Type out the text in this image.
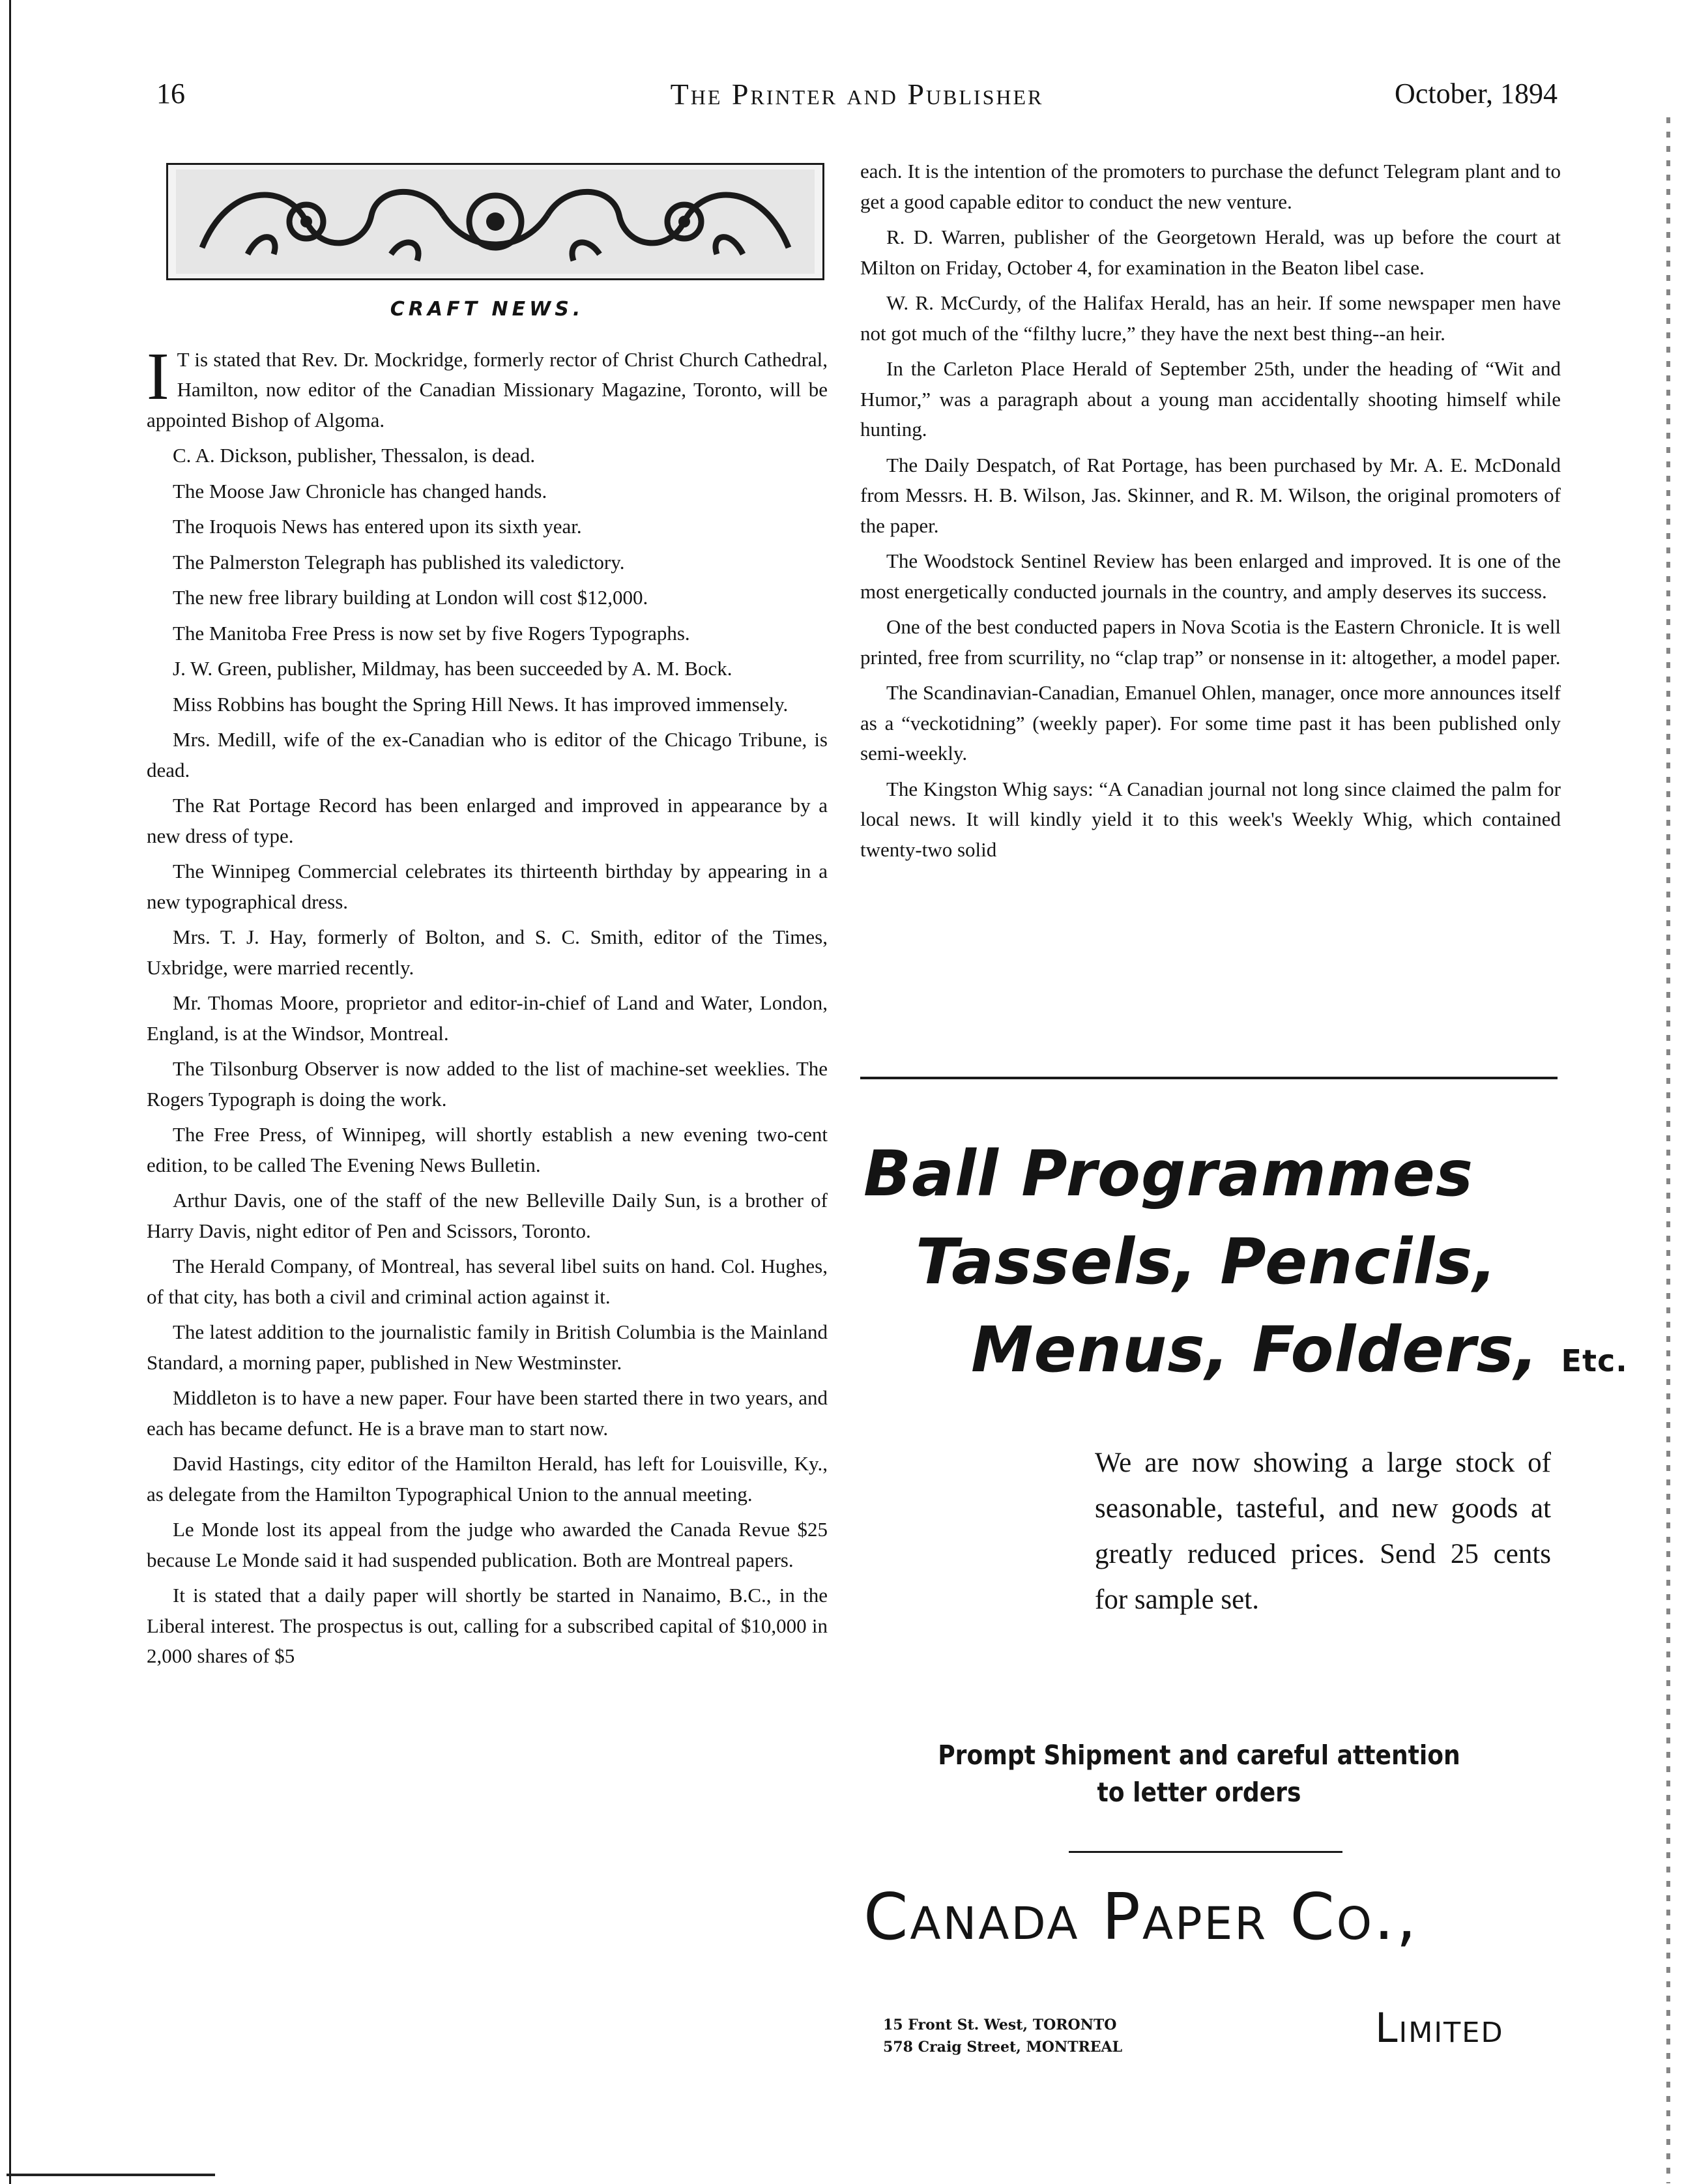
16	The Printer and Publisher	October, 1894
CRAFT NEWS.

I T is stated that Rev. Dr. Mockridge, formerly rector of Christ Church Cathedral, Hamilton, now editor of the Canadian Missionary Magazine, Toronto, will be appointed Bishop of Algoma.

C. A. Dickson, publisher, Thessalon, is dead.

The Moose Jaw Chronicle has changed hands.

The Iroquois News has entered upon its sixth year.

The Palmerston Telegraph has published its valedictory.

The new free library building at London will cost $12,000.

The Manitoba Free Press is now set by five Rogers Typographs.

J. W. Green, publisher, Mildmay, has been succeeded by A. M. Bock.

Miss Robbins has bought the Spring Hill News. It has improved immensely.

Mrs. Medill, wife of the ex-Canadian who is editor of the Chicago Tribune, is dead.

The Rat Portage Record has been enlarged and improved in appearance by a new dress of type.

The Winnipeg Commercial celebrates its thirteenth birthday by appearing in a new typographical dress.

Mrs. T. J. Hay, formerly of Bolton, and S. C. Smith, editor of the Times, Uxbridge, were married recently.

Mr. Thomas Moore, proprietor and editor-in-chief of Land and Water, London, England, is at the Windsor, Montreal.

The Tilsonburg Observer is now added to the list of machine-set weeklies. The Rogers Typograph is doing the work.

The Free Press, of Winnipeg, will shortly establish a new evening two-cent edition, to be called The Evening News Bulletin.

Arthur Davis, one of the staff of the new Belleville Daily Sun, is a brother of Harry Davis, night editor of Pen and Scissors, Toronto.

The Herald Company, of Montreal, has several libel suits on hand. Col. Hughes, of that city, has both a civil and criminal action against it.

The latest addition to the journalistic family in British Columbia is the Mainland Standard, a morning paper, published in New Westminster.

Middleton is to have a new paper. Four have been started there in two years, and each has became defunct. He is a brave man to start now.

David Hastings, city editor of the Hamilton Herald, has left for Louisville, Ky., as delegate from the Hamilton Typographical Union to the annual meeting.

Le Monde lost its appeal from the judge who awarded the Canada Revue $25 because Le Monde said it had suspended publication. Both are Montreal papers.

It is stated that a daily paper will shortly be started in Nanaimo, B.C., in the Liberal interest. The prospectus is out, calling for a subscribed capital of $10,000 in 2,000 shares of $5

each. It is the intention of the promoters to purchase the defunct Telegram plant and to get a good capable editor to conduct the new venture.

R. D. Warren, publisher of the Georgetown Herald, was up before the court at Milton on Friday, October 4, for examination in the Beaton libel case.

W. R. McCurdy, of the Halifax Herald, has an heir. If some newspaper men have not got much of the “filthy lucre,” they have the next best thing--an heir.

In the Carleton Place Herald of September 25th, under the heading of “Wit and Humor,” was a paragraph about a young man accidentally shooting himself while hunting.

The Daily Despatch, of Rat Portage, has been purchased by Mr. A. E. McDonald from Messrs. H. B. Wilson, Jas. Skinner, and R. M. Wilson, the original promoters of the paper.

The Woodstock Sentinel Review has been enlarged and improved. It is one of the most energetically conducted journals in the country, and amply deserves its success.

One of the best conducted papers in Nova Scotia is the Eastern Chronicle. It is well printed, free from scurrility, no “clap trap” or nonsense in it: altogether, a model paper.

The Scandinavian-Canadian, Emanuel Ohlen, manager, once more announces itself as a “veckotidning” (weekly paper). For some time past it has been published only semi-weekly.

The Kingston Whig says: “A Canadian journal not long since claimed the palm for local news. It will kindly yield it to this week's Weekly Whig, which contained twenty-two solid

Ball Programmes
Tassels, Pencils,
Menus, Folders, Etc.
We are now showing a large stock of seasonable, tasteful, and new goods at greatly reduced prices. Send 25 cents for sample set.
Prompt Shipment and careful attention
to letter orders
Canada Paper Co.,
15 Front St. West, TORONTO
578 Craig Street, MONTREAL	Limited
